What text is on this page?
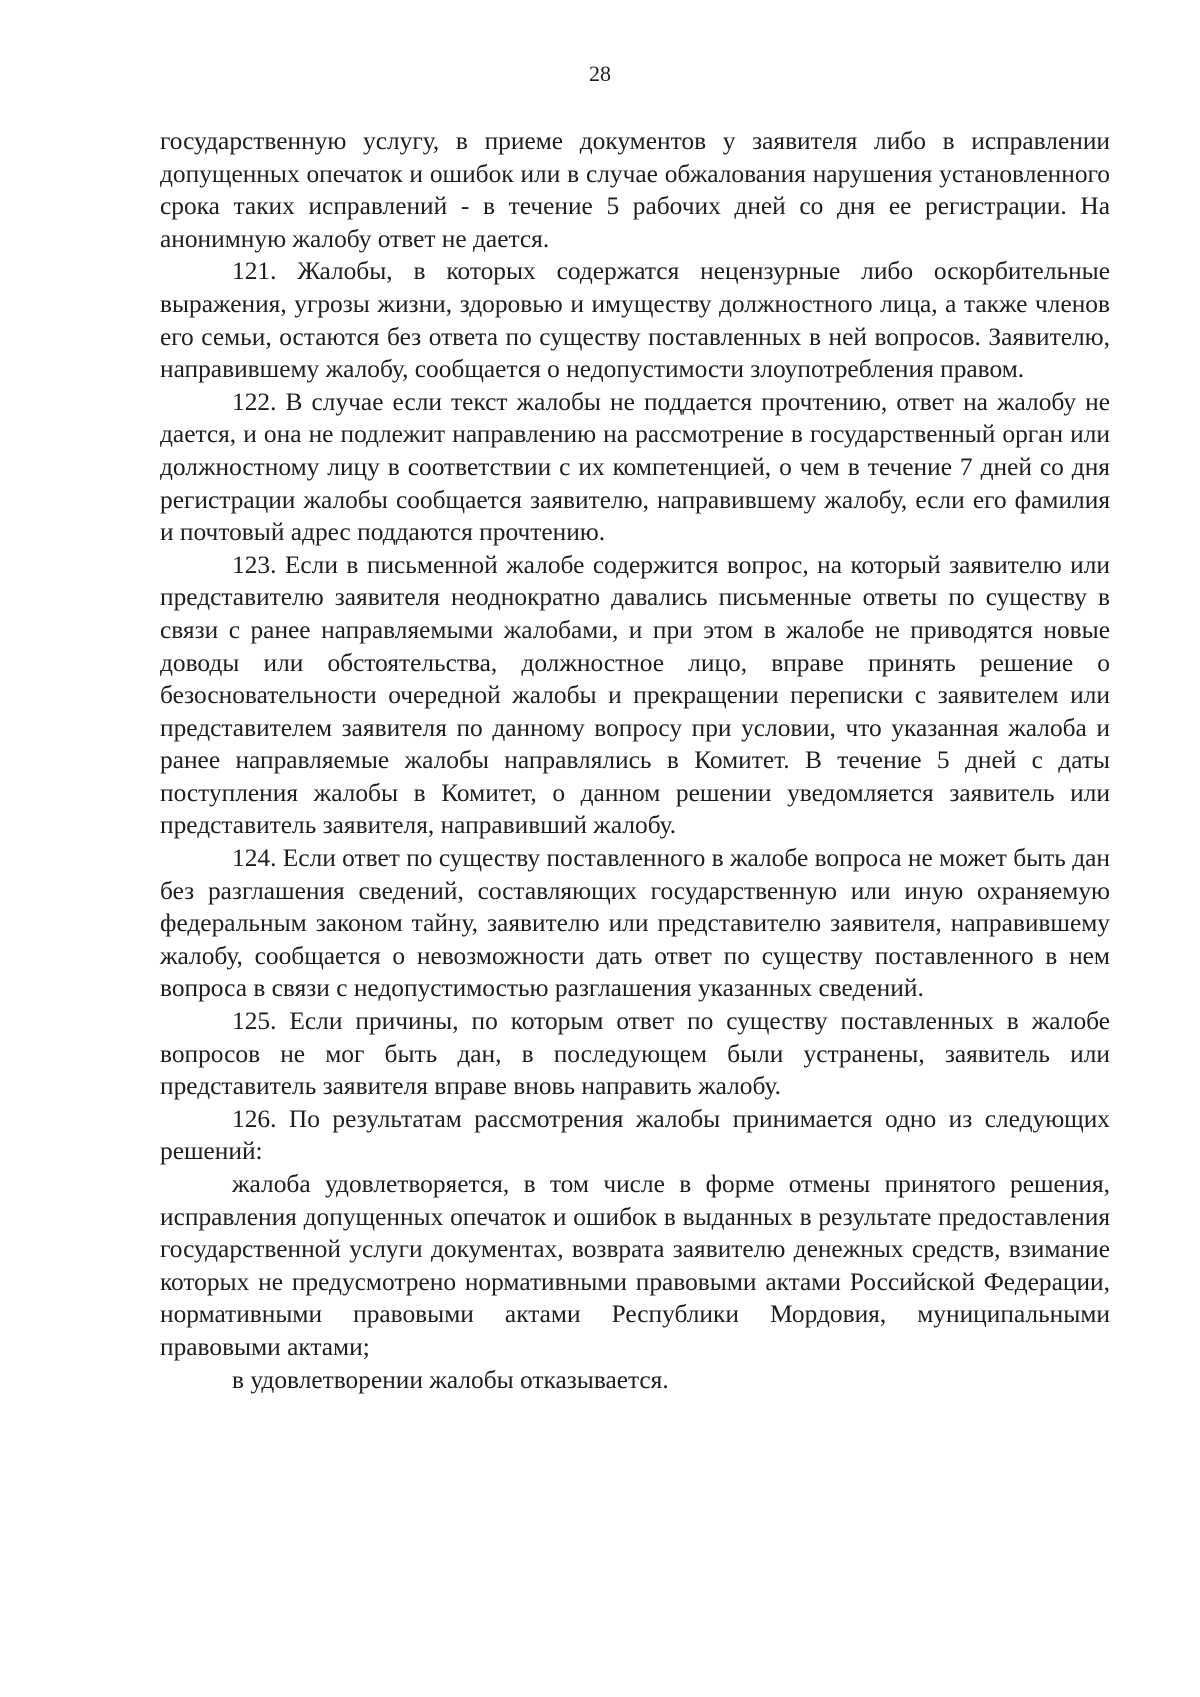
28

государственную услугу, в приеме документов у заявителя либо в исправлении допущенных опечаток и ошибок или в случае обжалования нарушения установленного срока таких исправлений - в течение 5 рабочих дней со дня ее регистрации. На анонимную жалобу ответ не дается.

121. Жалобы, в которых содержатся нецензурные либо оскорбительные выражения, угрозы жизни, здоровью и имуществу должностного лица, а также членов его семьи, остаются без ответа по существу поставленных в ней вопросов. Заявителю, направившему жалобу, сообщается о недопустимости злоупотребления правом.

122. В случае если текст жалобы не поддается прочтению, ответ на жалобу не дается, и она не подлежит направлению на рассмотрение в государственный орган или должностному лицу в соответствии с их компетенцией, о чем в течение 7 дней со дня регистрации жалобы сообщается заявителю, направившему жалобу, если его фамилия и почтовый адрес поддаются прочтению.

123. Если в письменной жалобе содержится вопрос, на который заявителю или представителю заявителя неоднократно давались письменные ответы по существу в связи с ранее направляемыми жалобами, и при этом в жалобе не приводятся новые доводы или обстоятельства, должностное лицо, вправе принять решение о безосновательности очередной жалобы и прекращении переписки с заявителем или представителем заявителя по данному вопросу при условии, что указанная жалоба и ранее направляемые жалобы направлялись в Комитет. В течение 5 дней с даты поступления жалобы в Комитет, о данном решении уведомляется заявитель или представитель заявителя, направивший жалобу.

124. Если ответ по существу поставленного в жалобе вопроса не может быть дан без разглашения сведений, составляющих государственную или иную охраняемую федеральным законом тайну, заявителю или представителю заявителя, направившему жалобу, сообщается о невозможности дать ответ по существу поставленного в нем вопроса в связи с недопустимостью разглашения указанных сведений.

125. Если причины, по которым ответ по существу поставленных в жалобе вопросов не мог быть дан, в последующем были устранены, заявитель или представитель заявителя вправе вновь направить жалобу.

126. По результатам рассмотрения жалобы принимается одно из следующих решений:

жалоба удовлетворяется, в том числе в форме отмены принятого решения, исправления допущенных опечаток и ошибок в выданных в результате предоставления государственной услуги документах, возврата заявителю денежных средств, взимание которых не предусмотрено нормативными правовыми актами Российской Федерации, нормативными правовыми актами Республики Мордовия, муниципальными правовыми актами;

в удовлетворении жалобы отказывается.
